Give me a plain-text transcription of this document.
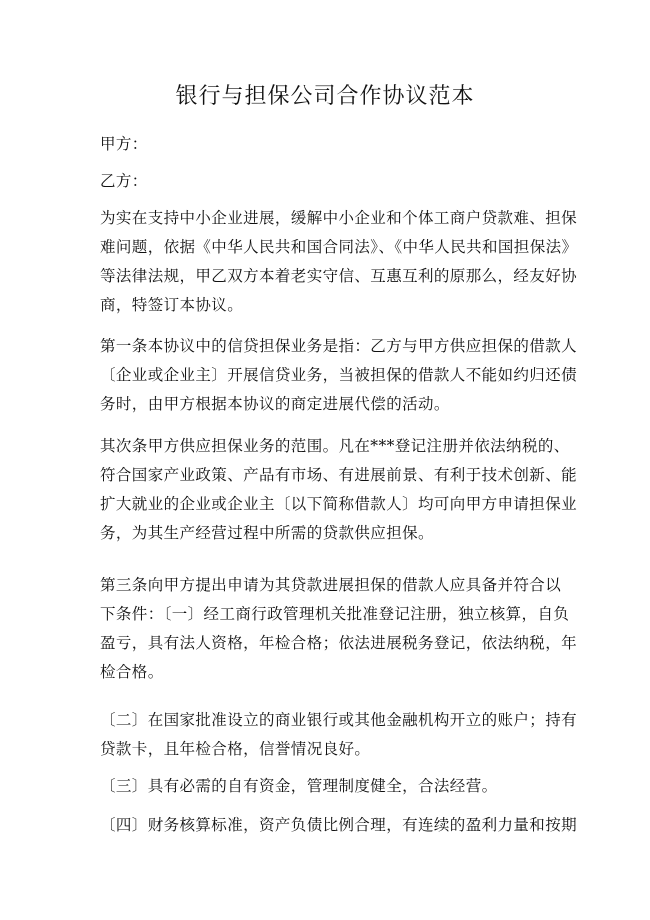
银行与担保公司合作协议范本
甲方：
乙方：
为实在支持中小企业进展，缓解中小企业和个体工商户贷款难、担保
难问题，依据《中华人民共和国合同法》、《中华人民共和国担保法》
等法律法规，甲乙双方本着老实守信、互惠互利的原那么，经友好协
商，特签订本协议。
第一条本协议中的信贷担保业务是指：乙方与甲方供应担保的借款人
〔企业或企业主〕开展信贷业务，当被担保的借款人不能如约归还债
务时，由甲方根据本协议的商定进展代偿的活动。
其次条甲方供应担保业务的范围。凡在***登记注册并依法纳税的、
符合国家产业政策、产品有市场、有进展前景、有利于技术创新、能
扩大就业的企业或企业主〔以下简称借款人〕均可向甲方申请担保业
务，为其生产经营过程中所需的贷款供应担保。
第三条向甲方提出申请为其贷款进展担保的借款人应具备并符合以
下条件：〔一〕经工商行政管理机关批准登记注册，独立核算，自负
盈亏，具有法人资格，年检合格；依法进展税务登记，依法纳税，年
检合格。
〔二〕在国家批准设立的商业银行或其他金融机构开立的账户；持有
贷款卡，且年检合格，信誉情况良好。
〔三〕具有必需的自有资金，管理制度健全，合法经营。
〔四〕财务核算标准，资产负债比例合理，有连续的盈利力量和按期
